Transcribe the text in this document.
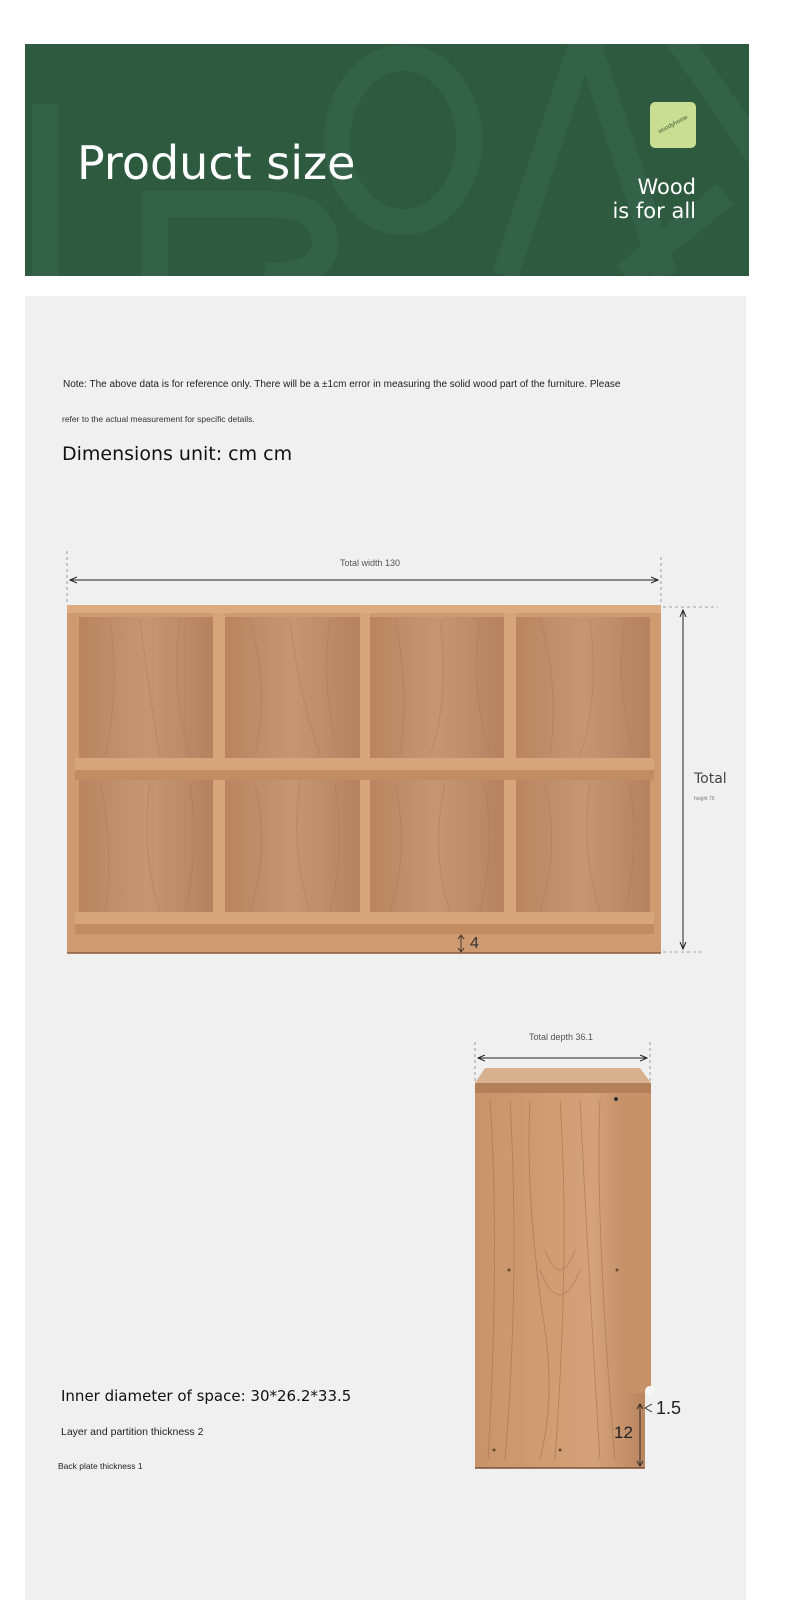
Product size
woodyhome
Wood
is for all
Note: The above data is for reference only. There will be a ±1cm error in measuring the solid wood part of the furniture. Please
refer to the actual measurement for specific details.
Dimensions unit: cm cm
Total width 130
Total
height 75
4
Total depth 36.1
1.5
12
Inner diameter of space: 30*26.2*33.5
Layer and partition thickness 2
Back plate thickness 1
